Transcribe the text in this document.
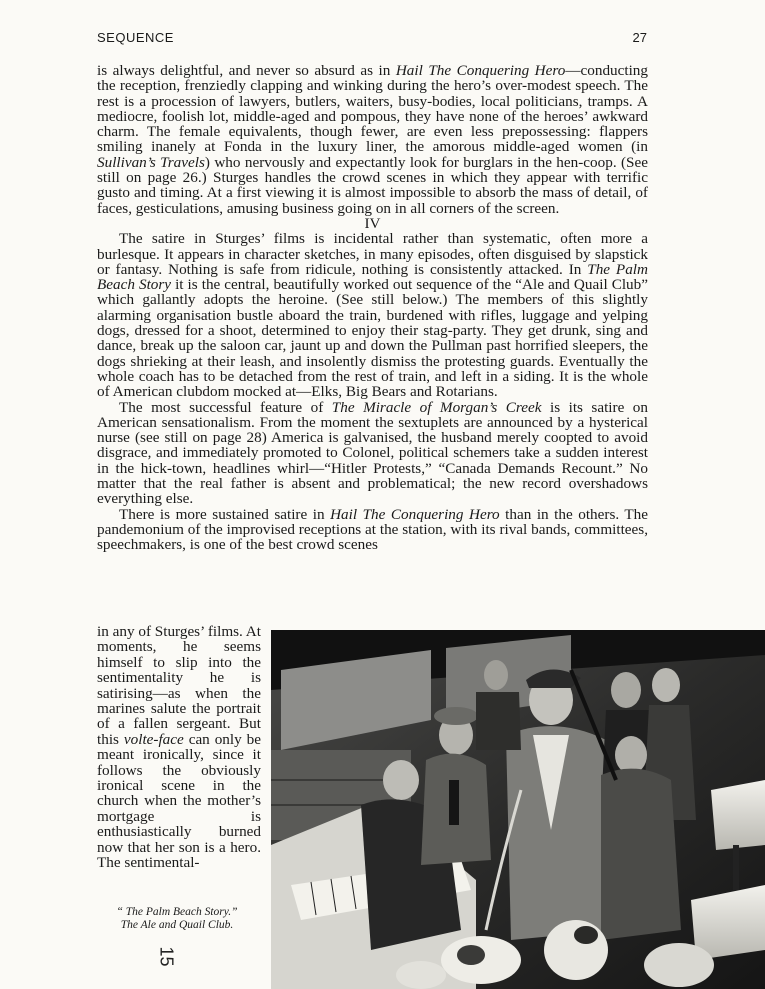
SEQUENCE	27

is always delightful, and never so absurd as in Hail The Conquering Hero—conducting the reception, frenziedly clapping and winking during the hero’s over-modest speech. The rest is a procession of lawyers, butlers, waiters, busy-bodies, local politicians, tramps. A mediocre, foolish lot, middle-aged and pompous, they have none of the heroes’ awkward charm. The female equivalents, though fewer, are even less prepossessing: flappers smiling inanely at Fonda in the luxury liner, the amorous middle-aged women (in Sullivan’s Travels) who nervously and expectantly look for burglars in the hen-coop. (See still on page 26.) Sturges handles the crowd scenes in which they appear with terrific gusto and timing. At a first viewing it is almost impossible to absorb the mass of detail, of faces, gesticulations, amusing business going on in all corners of the screen.

IV

The satire in Sturges’ films is incidental rather than systematic, often more a burlesque. It appears in character sketches, in many episodes, often disguised by slapstick or fantasy. Nothing is safe from ridicule, nothing is consistently attacked. In The Palm Beach Story it is the central, beautifully worked out sequence of the “Ale and Quail Club” which gallantly adopts the heroine. (See still below.) The members of this slightly alarming organisation bustle aboard the train, burdened with rifles, luggage and yelping dogs, dressed for a shoot, determined to enjoy their stag-party. They get drunk, sing and dance, break up the saloon car, jaunt up and down the Pullman past horrified sleepers, the dogs shrieking at their leash, and insolently dismiss the protesting guards. Eventually the whole coach has to be detached from the rest of train, and left in a siding. It is the whole of American clubdom mocked at—Elks, Big Bears and Rotarians.

The most successful feature of The Miracle of Morgan’s Creek is its satire on American sensationalism. From the moment the sextuplets are announced by a hysterical nurse (see still on page 28) America is galvanised, the husband merely coopted to avoid disgrace, and immediately promoted to Colonel, political schemers take a sudden interest in the hick-town, headlines whirl—“Hitler Protests,” “Canada Demands Recount.” No matter that the real father is absent and problematical; the new record overshadows everything else.

There is more sustained satire in Hail The Conquering Hero than in the others. The pandemonium of the improvised receptions at the station, with its rival bands, committees, speechmakers, is one of the best crowd scenes

in any of Sturges’ films. At moments, he seems himself to slip into the sentimentality he is satirising—as when the marines salute the portrait of a fallen sergeant. But this volte-face can only be meant ironically, since it follows the obviously ironical scene in the church when the mother’s mortgage is enthusiastically burned now that her son is a hero. The sentimental-

“ The Palm Beach Story.”
The Ale and Quail Club.
15
